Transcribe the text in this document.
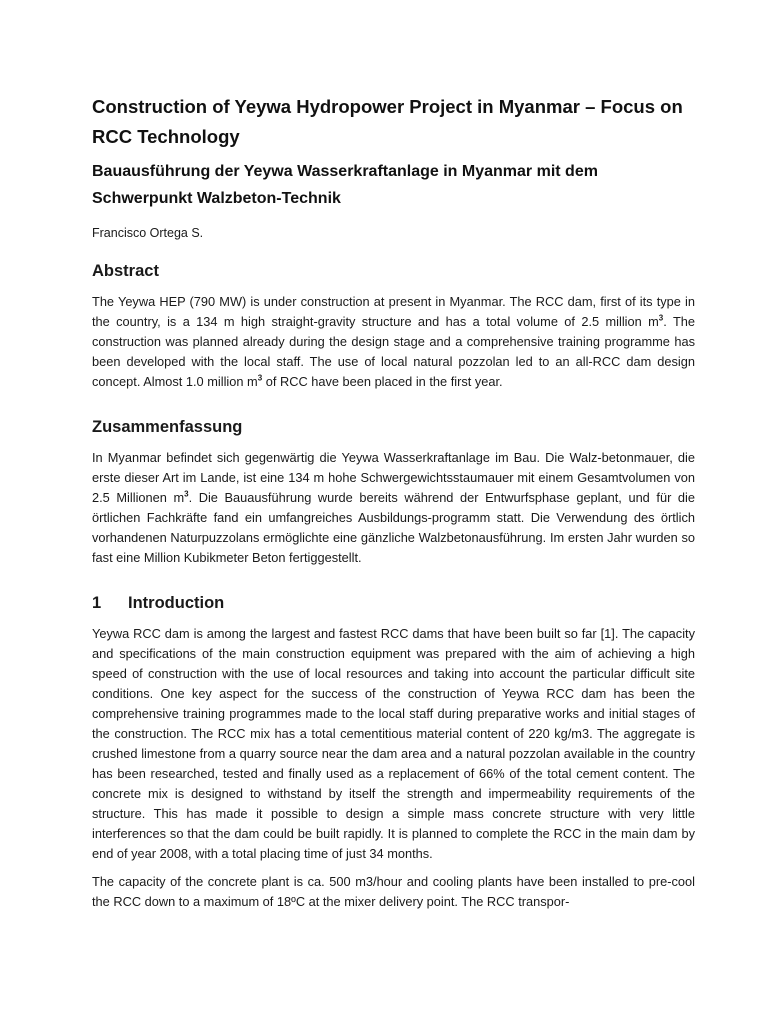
Construction of Yeywa Hydropower Project in Myanmar – Focus on RCC Technology
Bauausführung der Yeywa Wasserkraftanlage in Myanmar mit dem Schwerpunkt Walzbeton-Technik

Francisco Ortega S.

Abstract

The Yeywa HEP (790 MW) is under construction at present in Myanmar. The RCC dam, first of its type in the country, is a 134 m high straight-gravity structure and has a total volume of 2.5 million $m^3$. The construction was planned already during the design stage and a comprehensive training programme has been developed with the local staff. The use of local natural pozzolan led to an all-RCC dam design concept. Almost 1.0 million $m^3$ of RCC have been placed in the first year.

Zusammenfassung

In Myanmar befindet sich gegenwärtig die Yeywa Wasserkraftanlage im Bau. Die Walz-betonmauer, die erste dieser Art im Lande, ist eine 134 m hohe Schwergewichtsstaumauer mit einem Gesamtvolumen von 2.5 Millionen $m^3$. Die Bauausführung wurde bereits während der Entwurfsphase geplant, und für die örtlichen Fachkräfte fand ein umfangreiches Ausbildungs-programm statt. Die Verwendung des örtlich vorhandenen Naturpuzzolans ermöglichte eine gänzliche Walzbetonausführung. Im ersten Jahr wurden so fast eine Million Kubikmeter Beton fertiggestellt.

1	Introduction

Yeywa RCC dam is among the largest and fastest RCC dams that have been built so far [1]. The capacity and specifications of the main construction equipment was prepared with the aim of achieving a high speed of construction with the use of local resources and taking into account the particular difficult site conditions. One key aspect for the success of the construction of Yeywa RCC dam has been the comprehensive training programmes made to the local staff during preparative works and initial stages of the construction. The RCC mix has a total cementitious material content of 220 kg/m3. The aggregate is crushed limestone from a quarry source near the dam area and a natural pozzolan available in the country has been researched, tested and finally used as a replacement of 66% of the total cement content. The concrete mix is designed to withstand by itself the strength and impermeability requirements of the structure. This has made it possible to design a simple mass concrete structure with very little interferences so that the dam could be built rapidly. It is planned to complete the RCC in the main dam by end of year 2008, with a total placing time of just 34 months.

The capacity of the concrete plant is ca. 500 m3/hour and cooling plants have been installed to pre-cool the RCC down to a maximum of 18ºC at the mixer delivery point. The RCC transpor-
